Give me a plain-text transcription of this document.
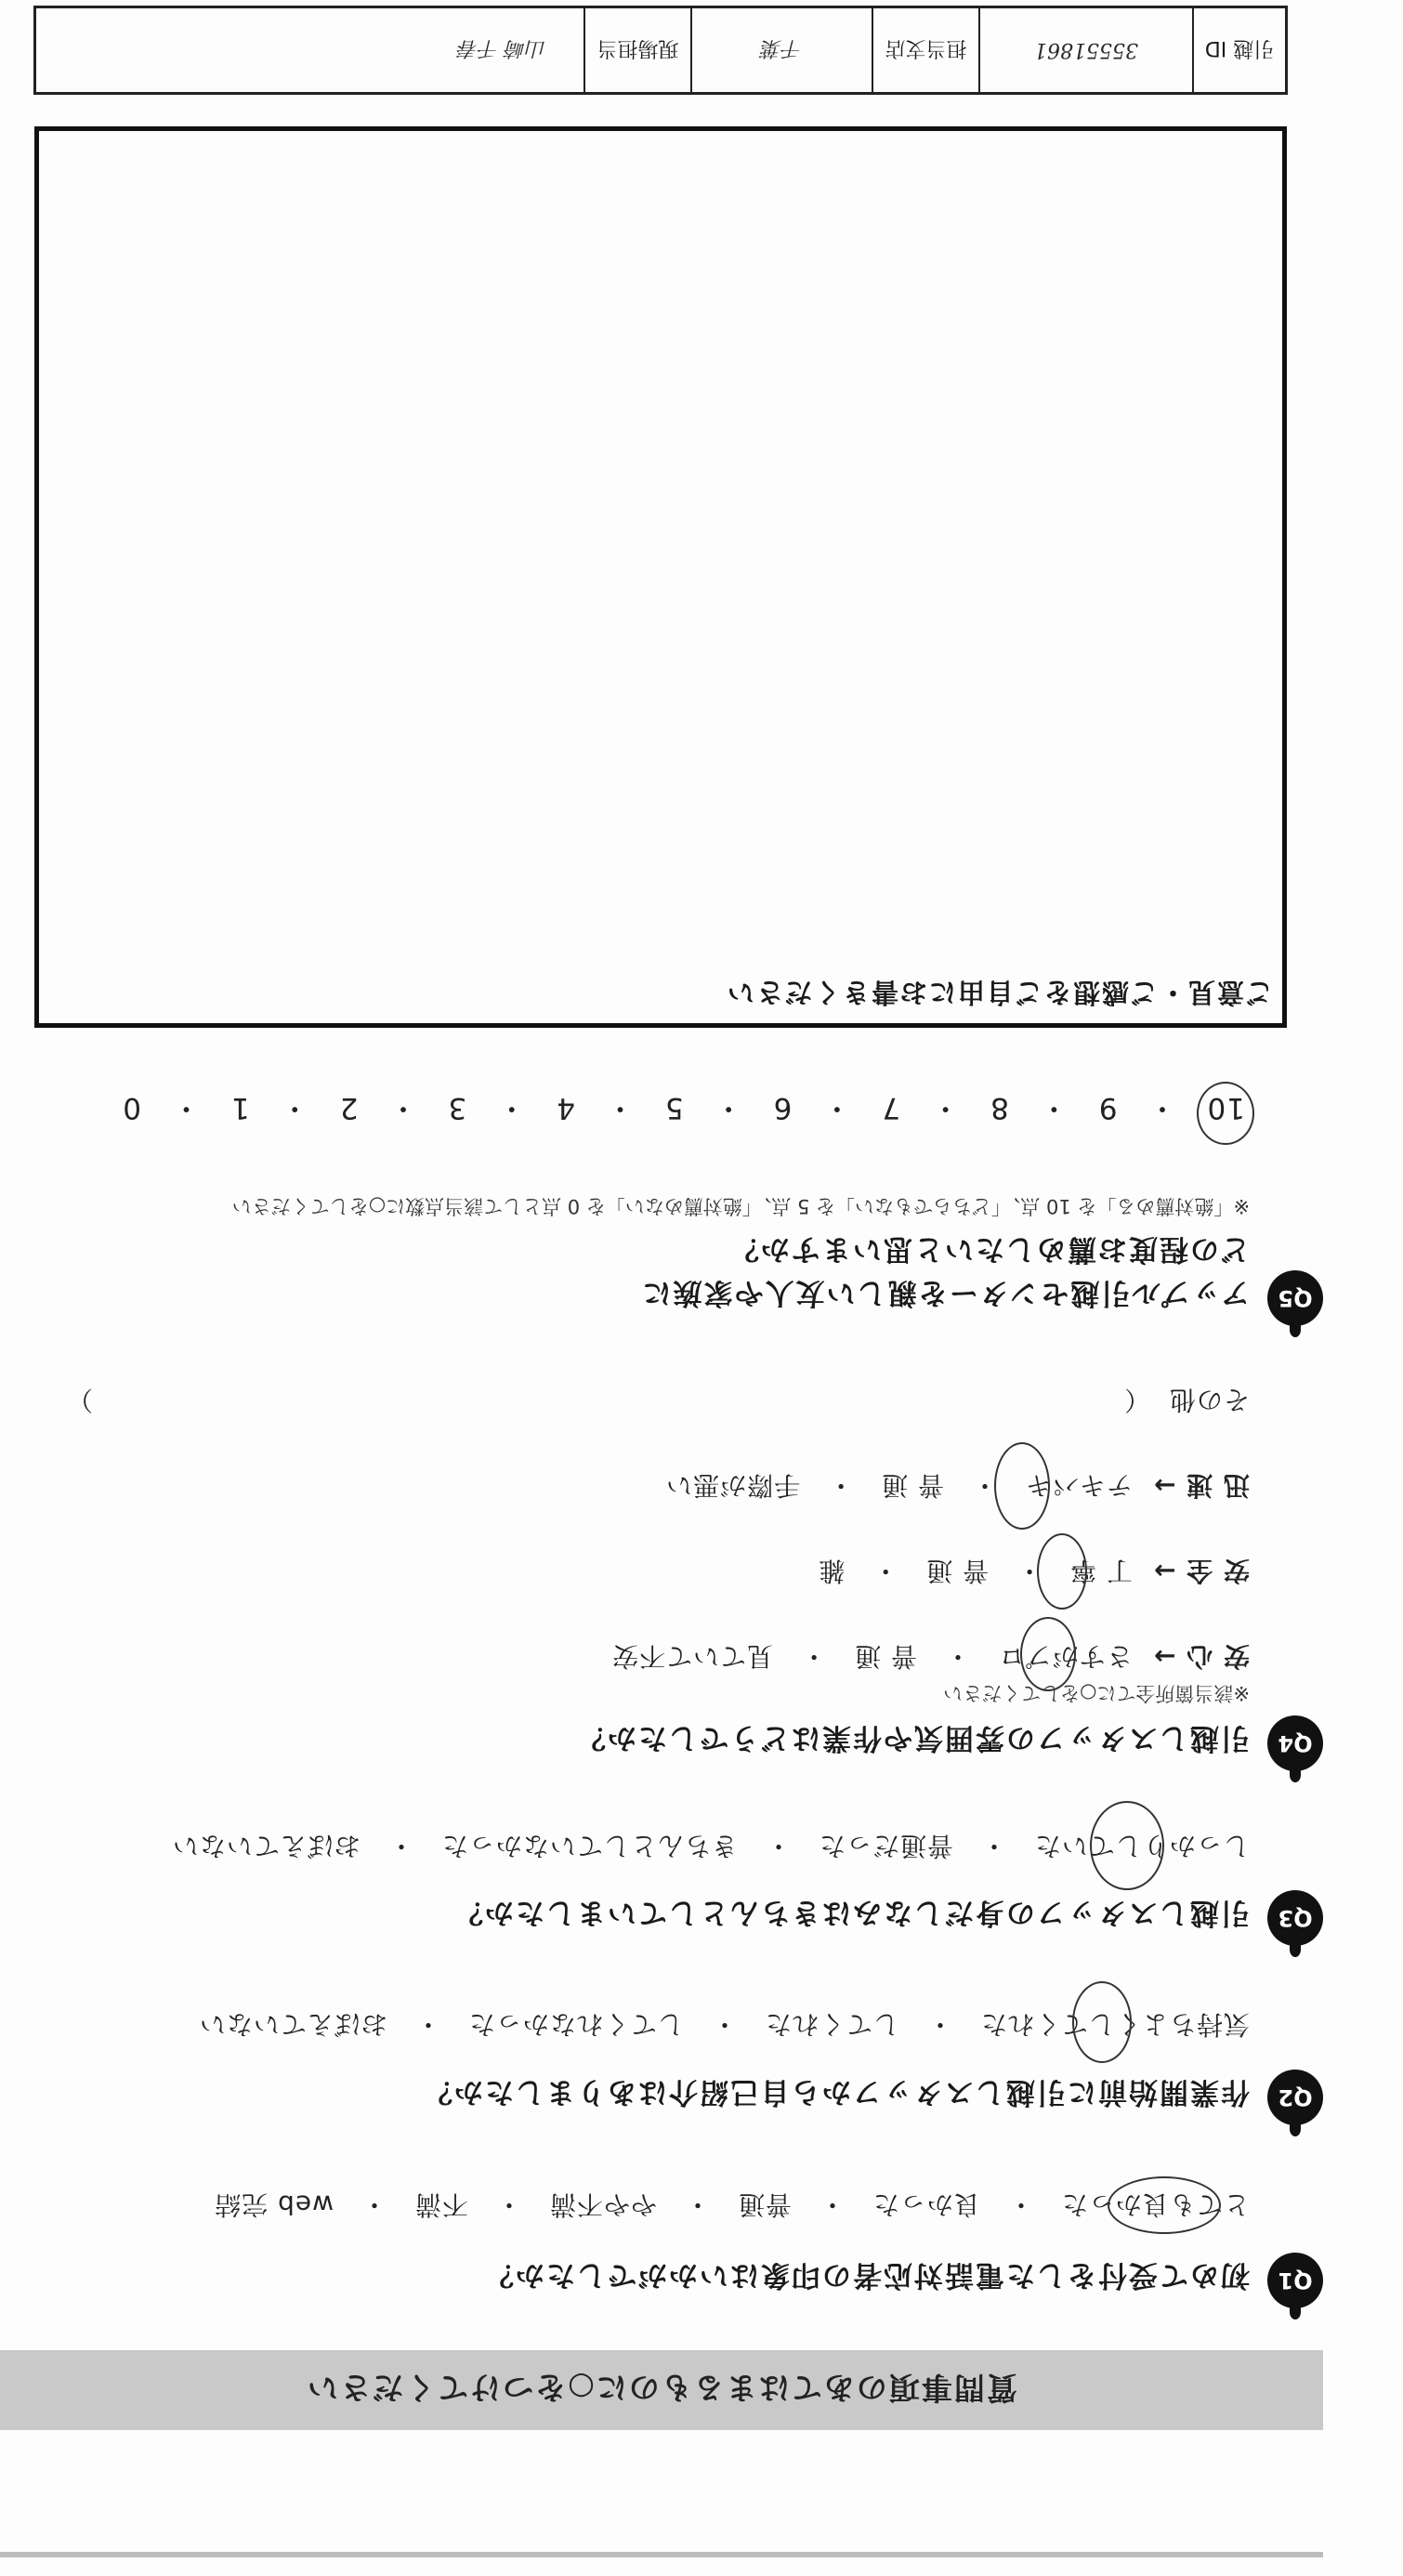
質問事項のあてはまるものに○をつけてください
Q1
初めて受付をした電話対応者の印象はいかがでしたか？
とても良かった　・　良かった　・　普通　・　やや不満　・　不満　・　web 完結
Q2
作業開始前に引越しスタッフから自己紹介はありましたか？
気持ちよくしてくれた　・　してくれた　・　してくれなかった　・　おぼえていない
Q3
引越しスタッフの身だしなみはきちんとしていましたか？
しっかりしていた　・　普通だった　・　きちんとしていなかった　・　おぼえていない
Q4
引越しスタッフの雰囲気や作業はどうでしたか？
※該当箇所全てに○をしてください
安 心 →さすがプロ　・　普 通　・　見ていて不安
安 全 →丁 寧　・　普 通　・　雑
迅 速 →テキパキ　・　普 通　・　手際が悪い
その他 （
）
Q5
アップル引越センターを親しい友人や家族に
どの程度お薦めしたいと思いますか？
※「絶対薦める」を 10 点、「どちらでもない」を 5 点、「絶対薦めない」を 0 点として該当点数に○をしてください
10　・　9　・　8　・　7　・　6　・　5　・　4　・　3　・　2　・　1　・　0
ご意見・ご感想をご自由にお書きください
引越 ID
35551861
担当支店
千葉
現場担当
山崎 千春
